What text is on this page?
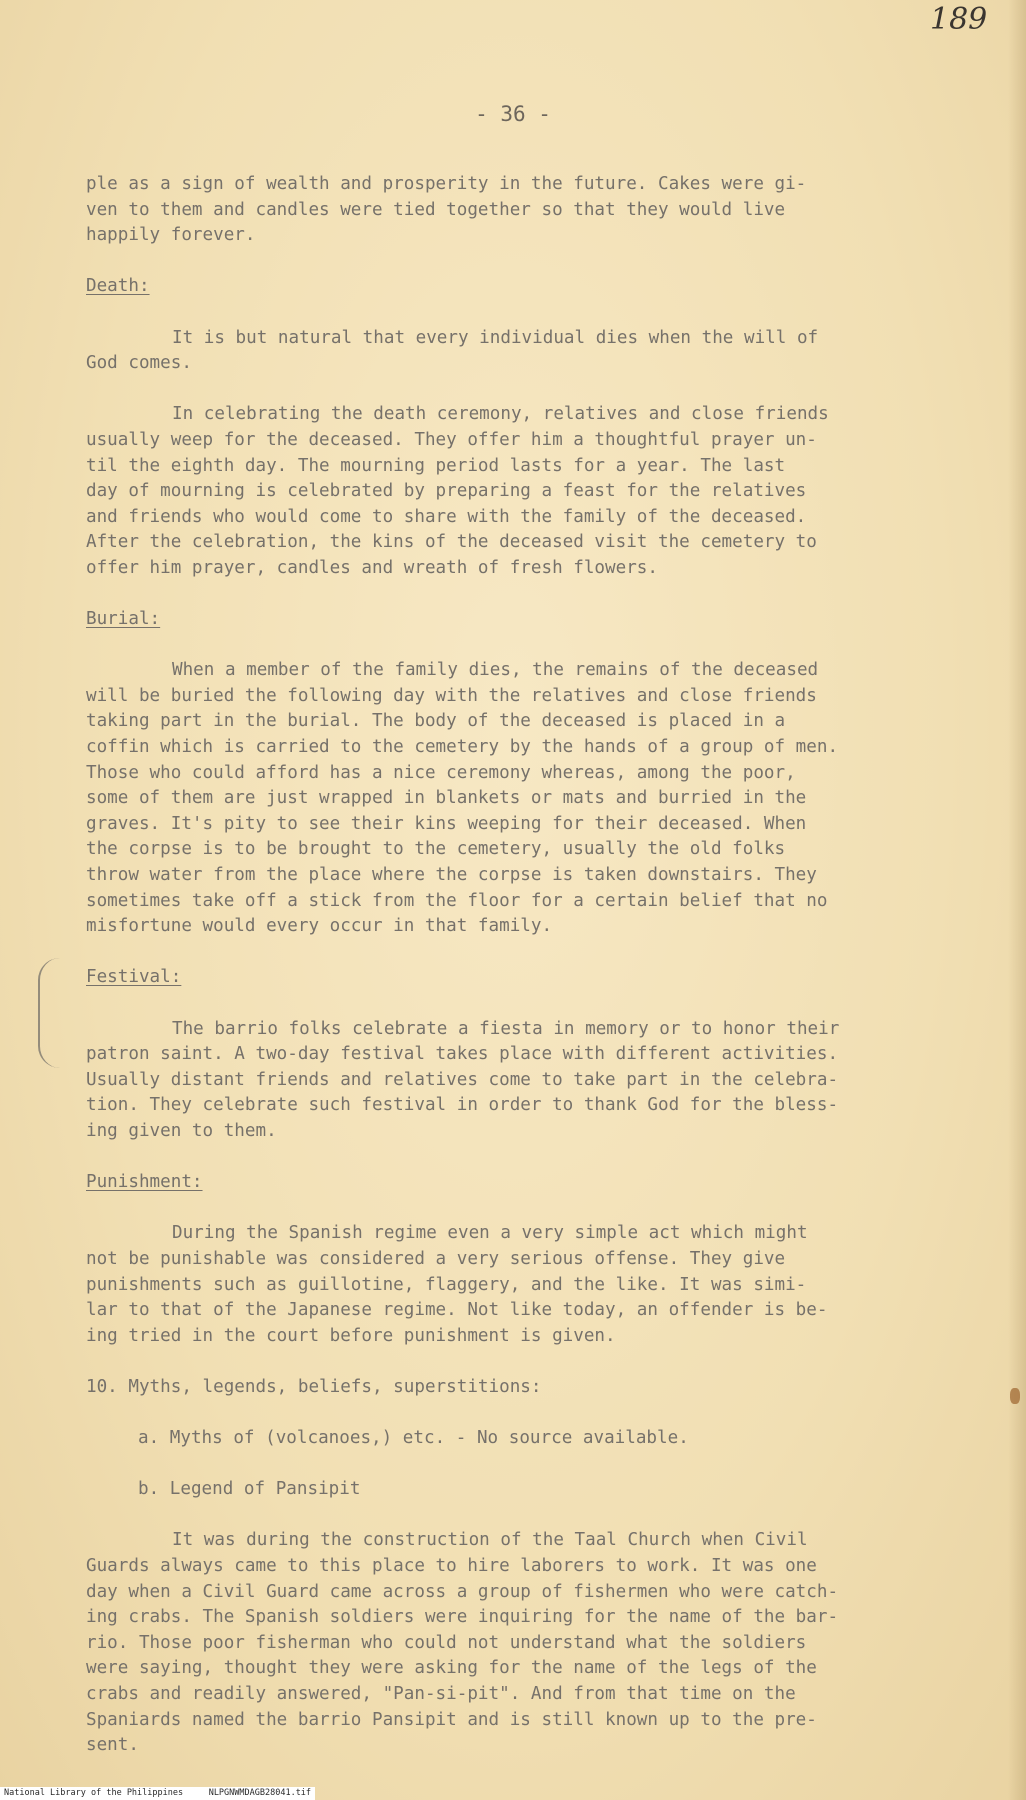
189
- 36 -
ple as a sign of wealth and prosperity in the future. Cakes were gi-
ven to them and candles were tied together so that they would live
happily forever.
Death:
It is but natural that every individual dies when the will of
God comes.
In celebrating the death ceremony, relatives and close friends
usually weep for the deceased. They offer him a thoughtful prayer un-
til the eighth day. The mourning period lasts for a year. The last
day of mourning is celebrated by preparing a feast for the relatives
and friends who would come to share with the family of the deceased.
After the celebration, the kins of the deceased visit the cemetery to
offer him prayer, candles and wreath of fresh flowers.
Burial:
When a member of the family dies, the remains of the deceased
will be buried the following day with the relatives and close friends
taking part in the burial. The body of the deceased is placed in a
coffin which is carried to the cemetery by the hands of a group of men.
Those who could afford has a nice ceremony whereas, among the poor,
some of them are just wrapped in blankets or mats and burried in the
graves. It's pity to see their kins weeping for their deceased. When
the corpse is to be brought to the cemetery, usually the old folks
throw water from the place where the corpse is taken downstairs. They
sometimes take off a stick from the floor for a certain belief that no
misfortune would every occur in that family.
Festival:
The barrio folks celebrate a fiesta in memory or to honor their
patron saint. A two-day festival takes place with different activities.
Usually distant friends and relatives come to take part in the celebra-
tion. They celebrate such festival in order to thank God for the bless-
ing given to them.
Punishment:
During the Spanish regime even a very simple act which might
not be punishable was considered a very serious offense. They give
punishments such as guillotine, flaggery, and the like. It was simi-
lar to that of the Japanese regime. Not like today, an offender is be-
ing tried in the court before punishment is given.
10. Myths, legends, beliefs, superstitions:
a. Myths of (volcanoes,) etc. - No source available.
b. Legend of Pansipit
It was during the construction of the Taal Church when Civil
Guards always came to this place to hire laborers to work. It was one
day when a Civil Guard came across a group of fishermen who were catch-
ing crabs. The Spanish soldiers were inquiring for the name of the bar-
rio. Those poor fisherman who could not understand what the soldiers
were saying, thought they were asking for the name of the legs of the
crabs and readily answered, "Pan-si-pit". And from that time on the
Spaniards named the barrio Pansipit and is still known up to the pre-
sent.
National Library of the Philippines     NLPGNWMDAGB28041.tif
